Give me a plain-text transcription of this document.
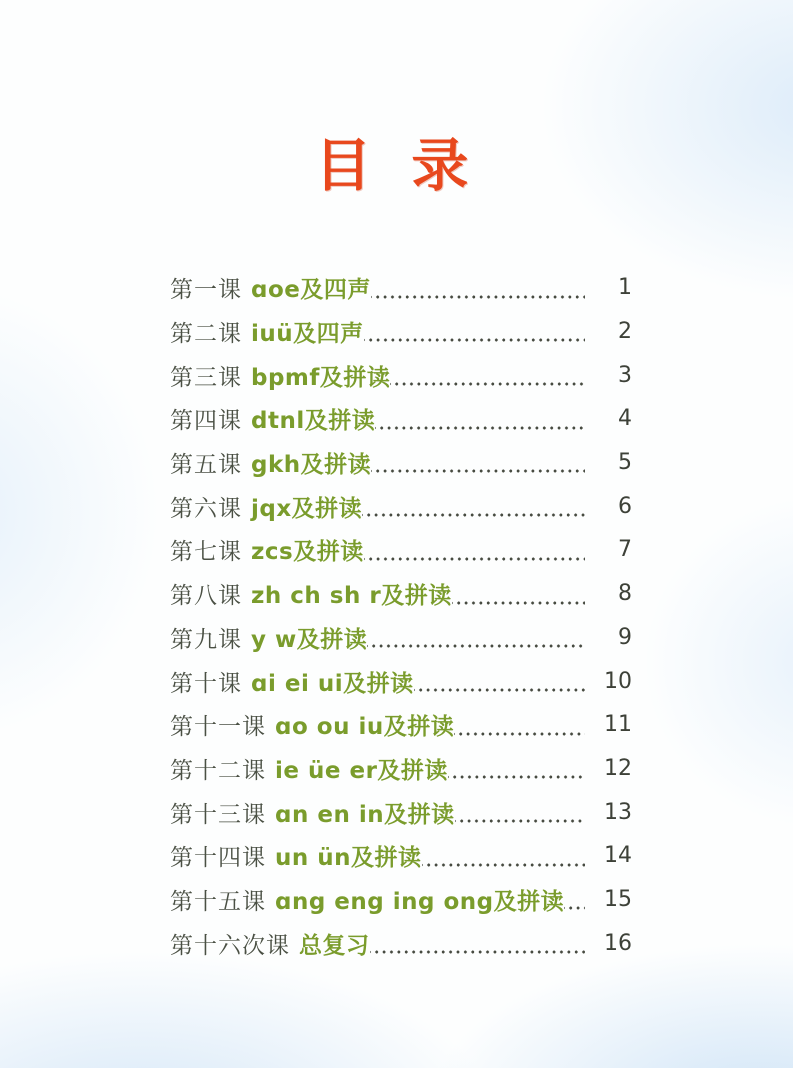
目 录
第一课 ɑoe及四声	1
第二课 iuü及四声	2
第三课 bpmf及拼读	3
第四课 dtnl及拼读	4
第五课 gkh及拼读	5
第六课 jqx及拼读	6
第七课 zcs及拼读	7
第八课 zh ch sh r及拼读	8
第九课 y w及拼读	9
第十课 ɑi ei ui及拼读	10
第十一课 ɑo ou iu及拼读	11
第十二课 ie üe er及拼读	12
第十三课 ɑn en in及拼读	13
第十四课 un ün及拼读	14
第十五课 ɑng eng ing ong及拼读	15
第十六次课 总复习	16
